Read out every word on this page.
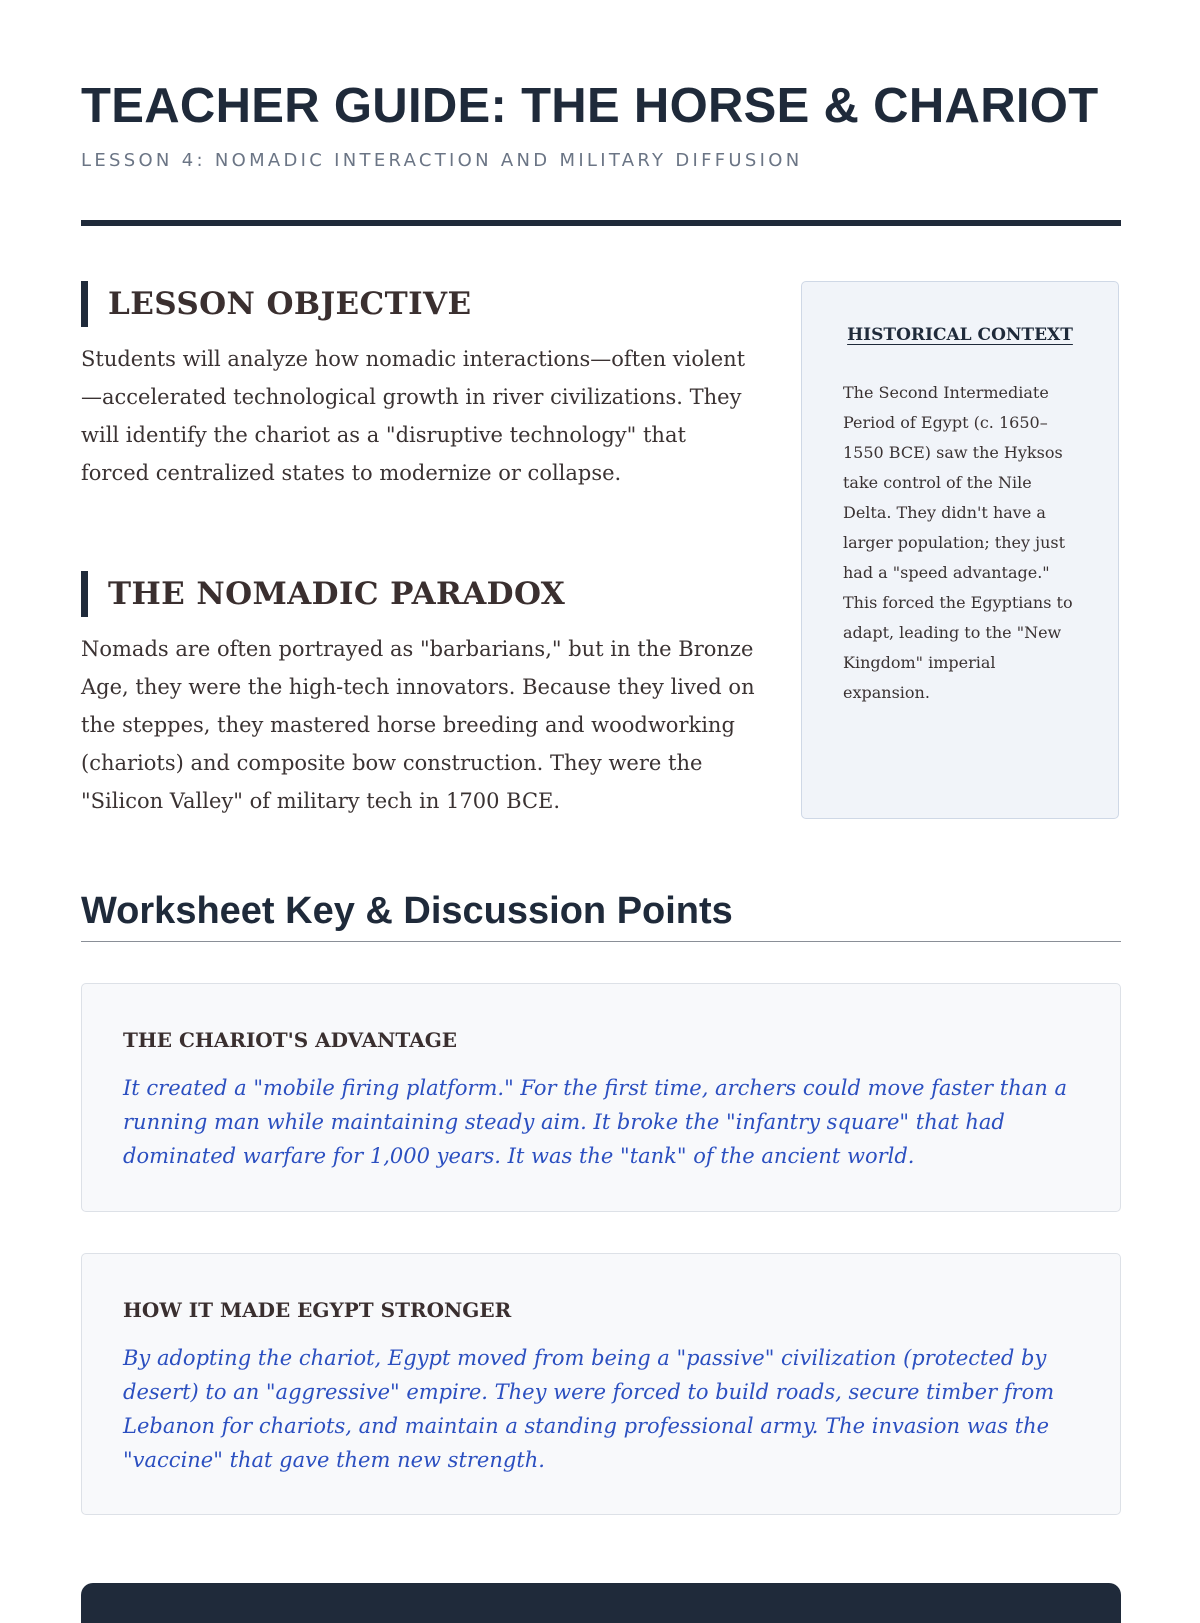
TEACHER GUIDE: THE HORSE & CHARIOT
LESSON 4: NOMADIC INTERACTION AND MILITARY DIFFUSION
LESSON OBJECTIVE

Students will analyze how nomadic interactions—often violent—accelerated technological growth in river civilizations. They will identify the chariot as a "disruptive technology" that forced centralized states to modernize or collapse.

THE NOMADIC PARADOX

Nomads are often portrayed as "barbarians," but in the Bronze Age, they were the high-tech innovators. Because they lived on the steppes, they mastered horse breeding and woodworking (chariots) and composite bow construction. They were the "Silicon Valley" of military tech in 1700 BCE.

HISTORICAL CONTEXT

The Second Intermediate Period of Egypt (c. 1650–1550 BCE) saw the Hyksos take control of the Nile Delta. They didn't have a larger population; they just had a "speed advantage." This forced the Egyptians to adapt, leading to the "New Kingdom" imperial expansion.

Worksheet Key & Discussion Points
THE CHARIOT'S ADVANTAGE

It created a "mobile firing platform." For the first time, archers could move faster than a running man while maintaining steady aim. It broke the "infantry square" that had dominated warfare for 1,000 years. It was the "tank" of the ancient world.

HOW IT MADE EGYPT STRONGER

By adopting the chariot, Egypt moved from being a "passive" civilization (protected by desert) to an "aggressive" empire. They were forced to build roads, secure timber from Lebanon for chariots, and maintain a standing professional army. The invasion was the "vaccine" that gave them new strength.
